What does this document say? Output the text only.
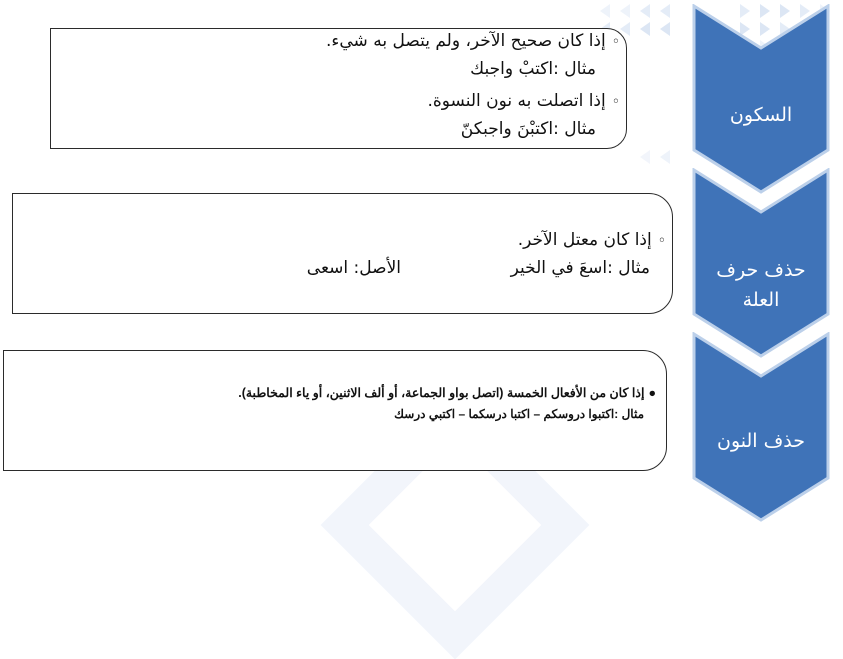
◦إذا كان صحيح الآخر، ولم يتصل به شيء.
مثال :اكتبْ واجبك
◦إذا اتصلت به نون النسوة.
مثال :اكتبْنَ واجبكنّ
◦إذا كان معتل الآخر.
مثال :اسعَ في الخير
الأصل: اسعى
●إذا كان من الأفعال الخمسة (اتصل بواو الجماعة، أو ألف الاثنين، أو ياء المخاطبة).
مثال :اكتبوا دروسكم – اكتبا درسكما – اكتبي درسك
السكون
حذف حرف العلة
حذف النون
